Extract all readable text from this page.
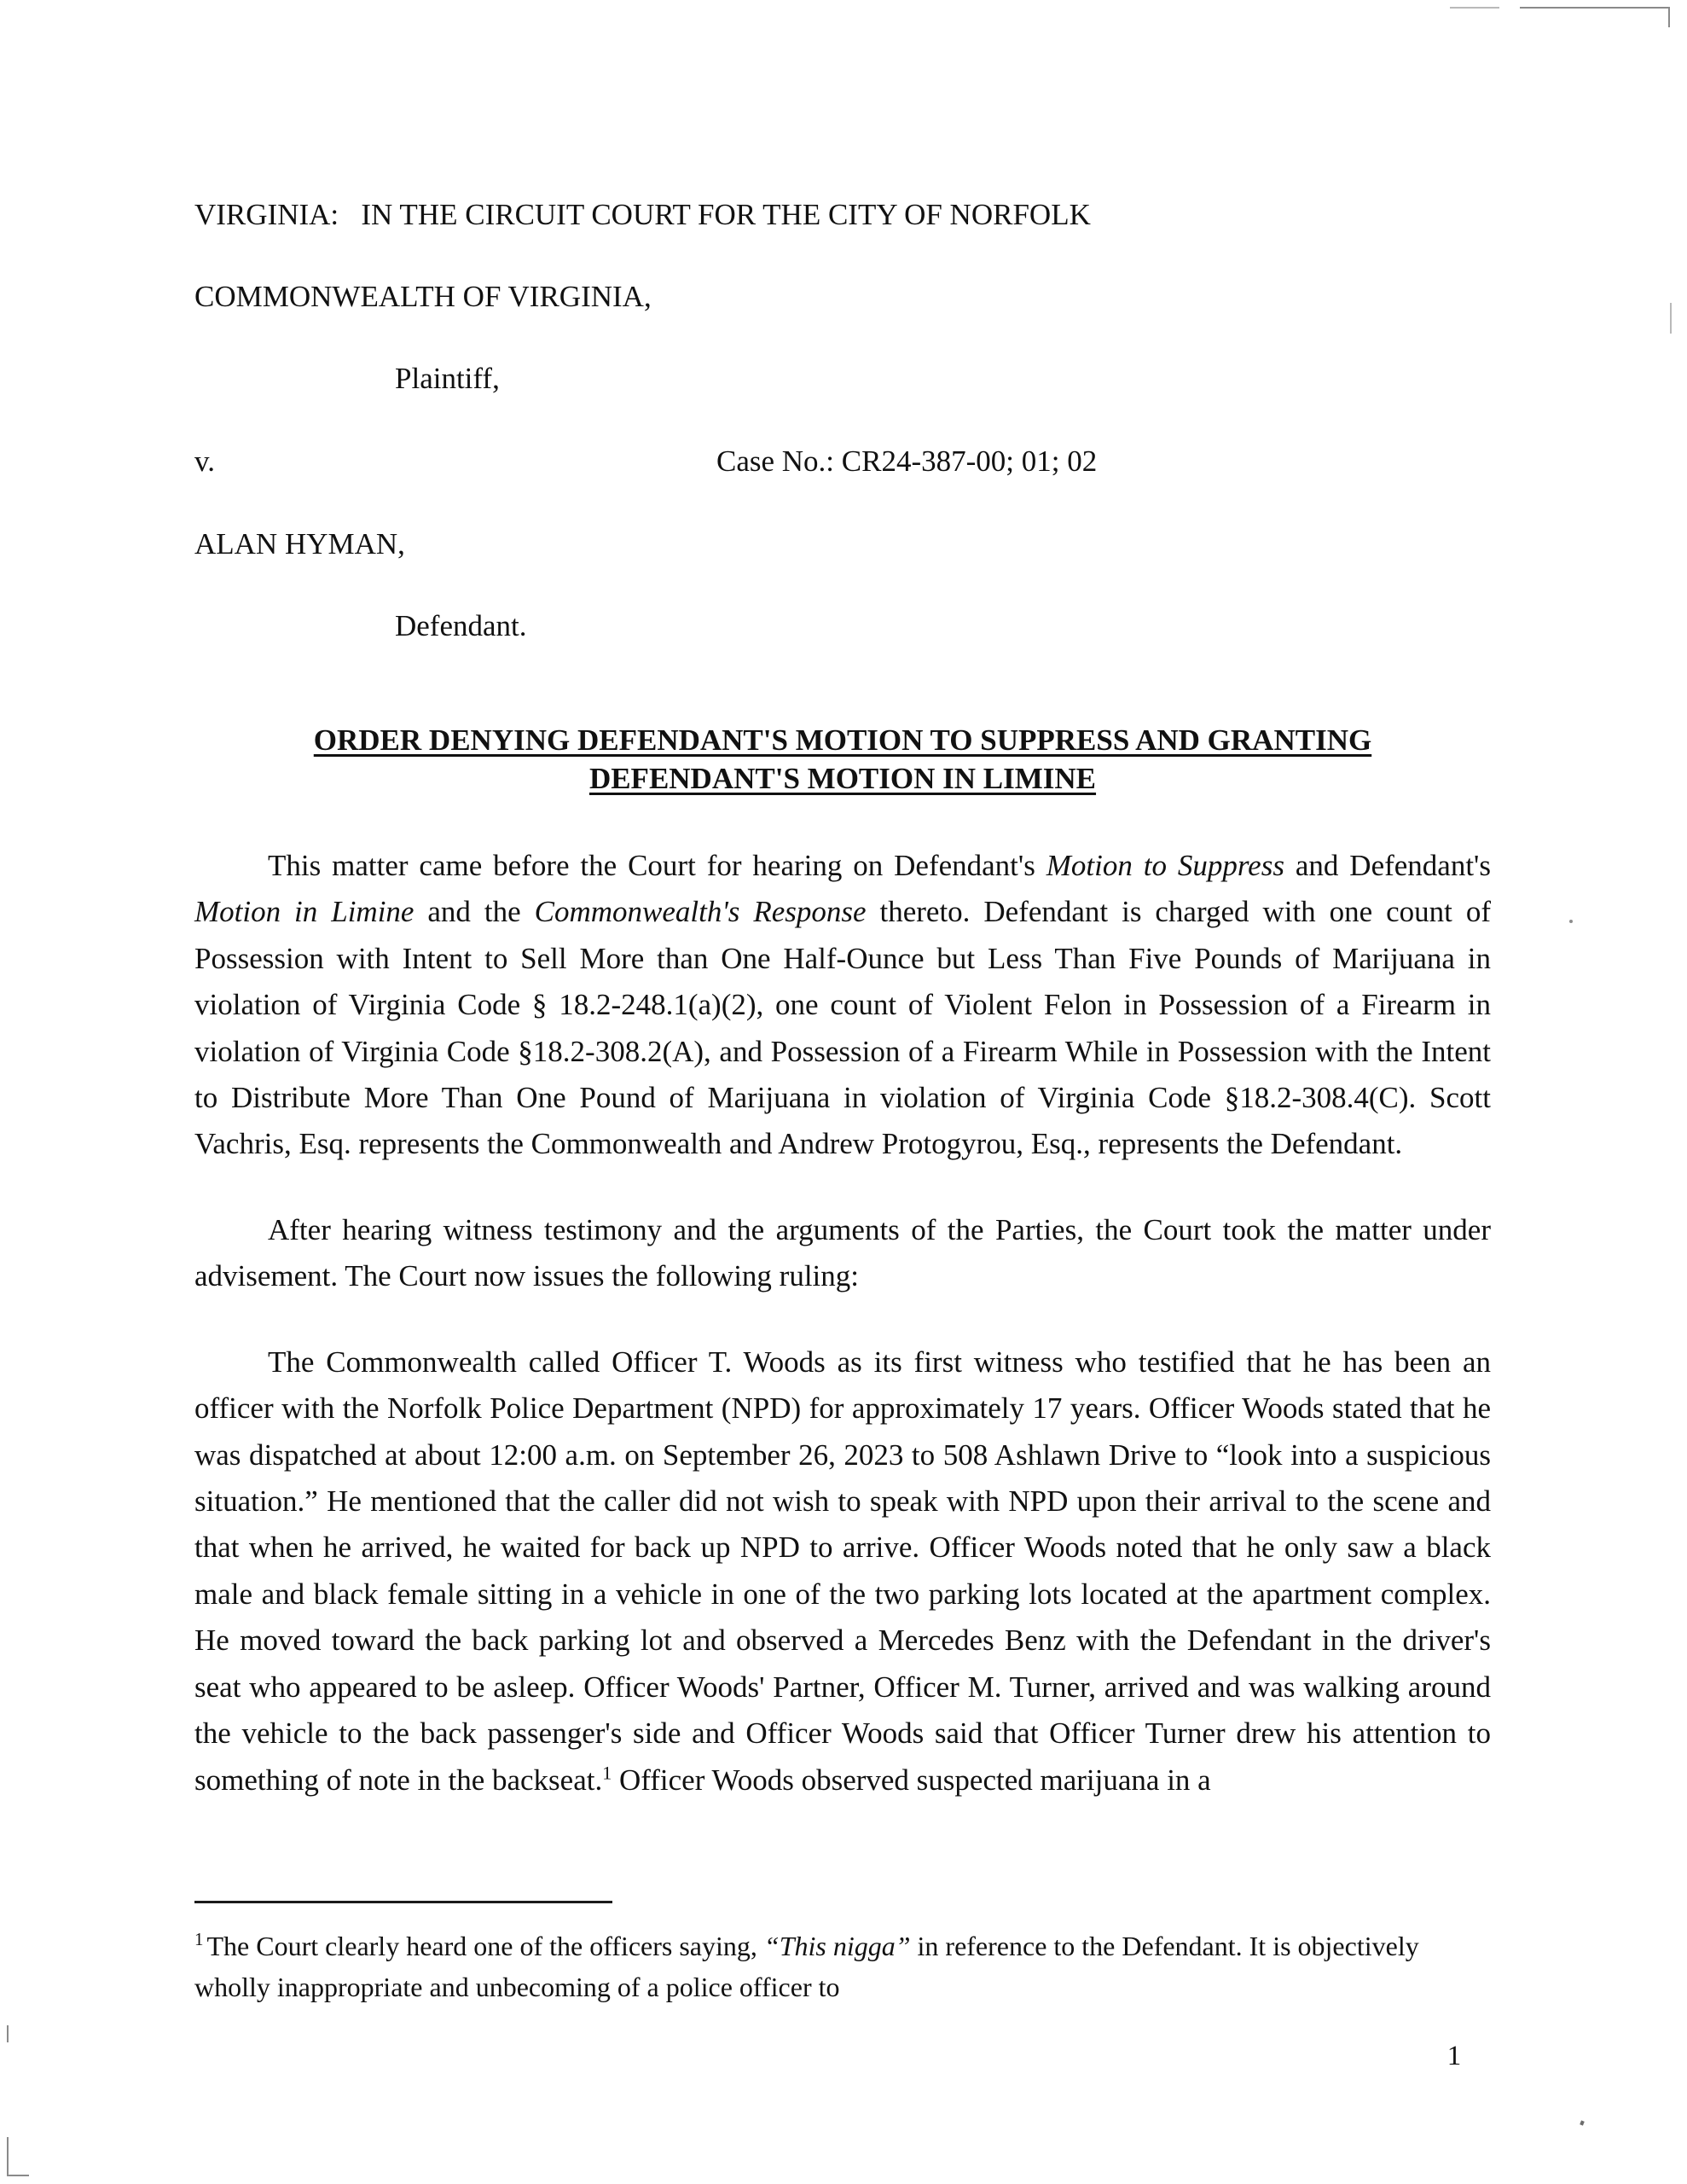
VIRGINIA:   IN THE CIRCUIT COURT FOR THE CITY OF NORFOLK

COMMONWEALTH OF VIRGINIA,

Plaintiff,

v.	Case No.: CR24-387-00; 01; 02

ALAN HYMAN,

Defendant.

ORDER DENYING DEFENDANT'S MOTION TO SUPPRESS AND GRANTING
DEFENDANT'S MOTION IN LIMINE

This matter came before the Court for hearing on Defendant's Motion to Suppress and Defendant's Motion in Limine and the Commonwealth's Response thereto. Defendant is charged with one count of Possession with Intent to Sell More than One Half-Ounce but Less Than Five Pounds of Marijuana in violation of Virginia Code § 18.2-248.1(a)(2), one count of Violent Felon in Possession of a Firearm in violation of Virginia Code §18.2-308.2(A), and Possession of a Firearm While in Possession with the Intent to Distribute More Than One Pound of Marijuana in violation of Virginia Code §18.2-308.4(C). Scott Vachris, Esq. represents the Commonwealth and Andrew Protogyrou, Esq., represents the Defendant.

After hearing witness testimony and the arguments of the Parties, the Court took the matter under advisement. The Court now issues the following ruling:

The Commonwealth called Officer T. Woods as its first witness who testified that he has been an officer with the Norfolk Police Department (NPD) for approximately 17 years. Officer Woods stated that he was dispatched at about 12:00 a.m. on September 26, 2023 to 508 Ashlawn Drive to “look into a suspicious situation.” He mentioned that the caller did not wish to speak with NPD upon their arrival to the scene and that when he arrived, he waited for back up NPD to arrive. Officer Woods noted that he only saw a black male and black female sitting in a vehicle in one of the two parking lots located at the apartment complex. He moved toward the back parking lot and observed a Mercedes Benz with the Defendant in the driver's seat who appeared to be asleep. Officer Woods' Partner, Officer M. Turner, arrived and was walking around the vehicle to the back passenger's side and Officer Woods said that Officer Turner drew his attention to something of note in the backseat.$^1$ Officer Woods observed suspected marijuana in a

$^1$ The Court clearly heard one of the officers saying, “This nigga” in reference to the Defendant. It is objectively wholly inappropriate and unbecoming of a police officer to

1
